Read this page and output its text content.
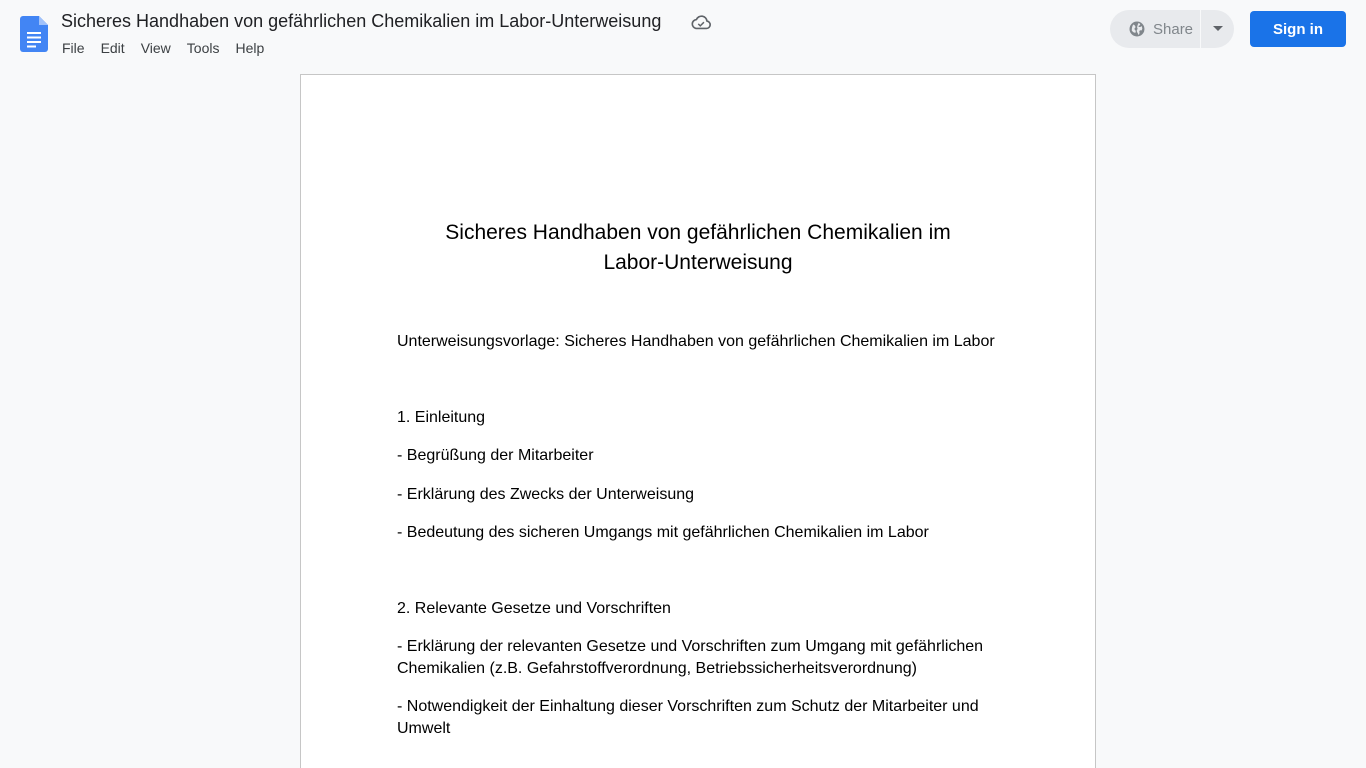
Sicheres Handhaben von gefährlichen Chemikalien im Labor-Unterweisung
File	Edit	View	Tools	Help
Share	Sign in
Sicheres Handhaben von gefährlichen Chemikalien im
Labor-Unterweisung
Unterweisungsvorlage: Sicheres Handhaben von gefährlichen Chemikalien im Labor
1. Einleitung
- Begrüßung der Mitarbeiter
- Erklärung des Zwecks der Unterweisung
- Bedeutung des sicheren Umgangs mit gefährlichen Chemikalien im Labor
2. Relevante Gesetze und Vorschriften
- Erklärung der relevanten Gesetze und Vorschriften zum Umgang mit gefährlichen Chemikalien (z.B. Gefahrstoffverordnung, Betriebssicherheitsverordnung)
- Notwendigkeit der Einhaltung dieser Vorschriften zum Schutz der Mitarbeiter und Umwelt
